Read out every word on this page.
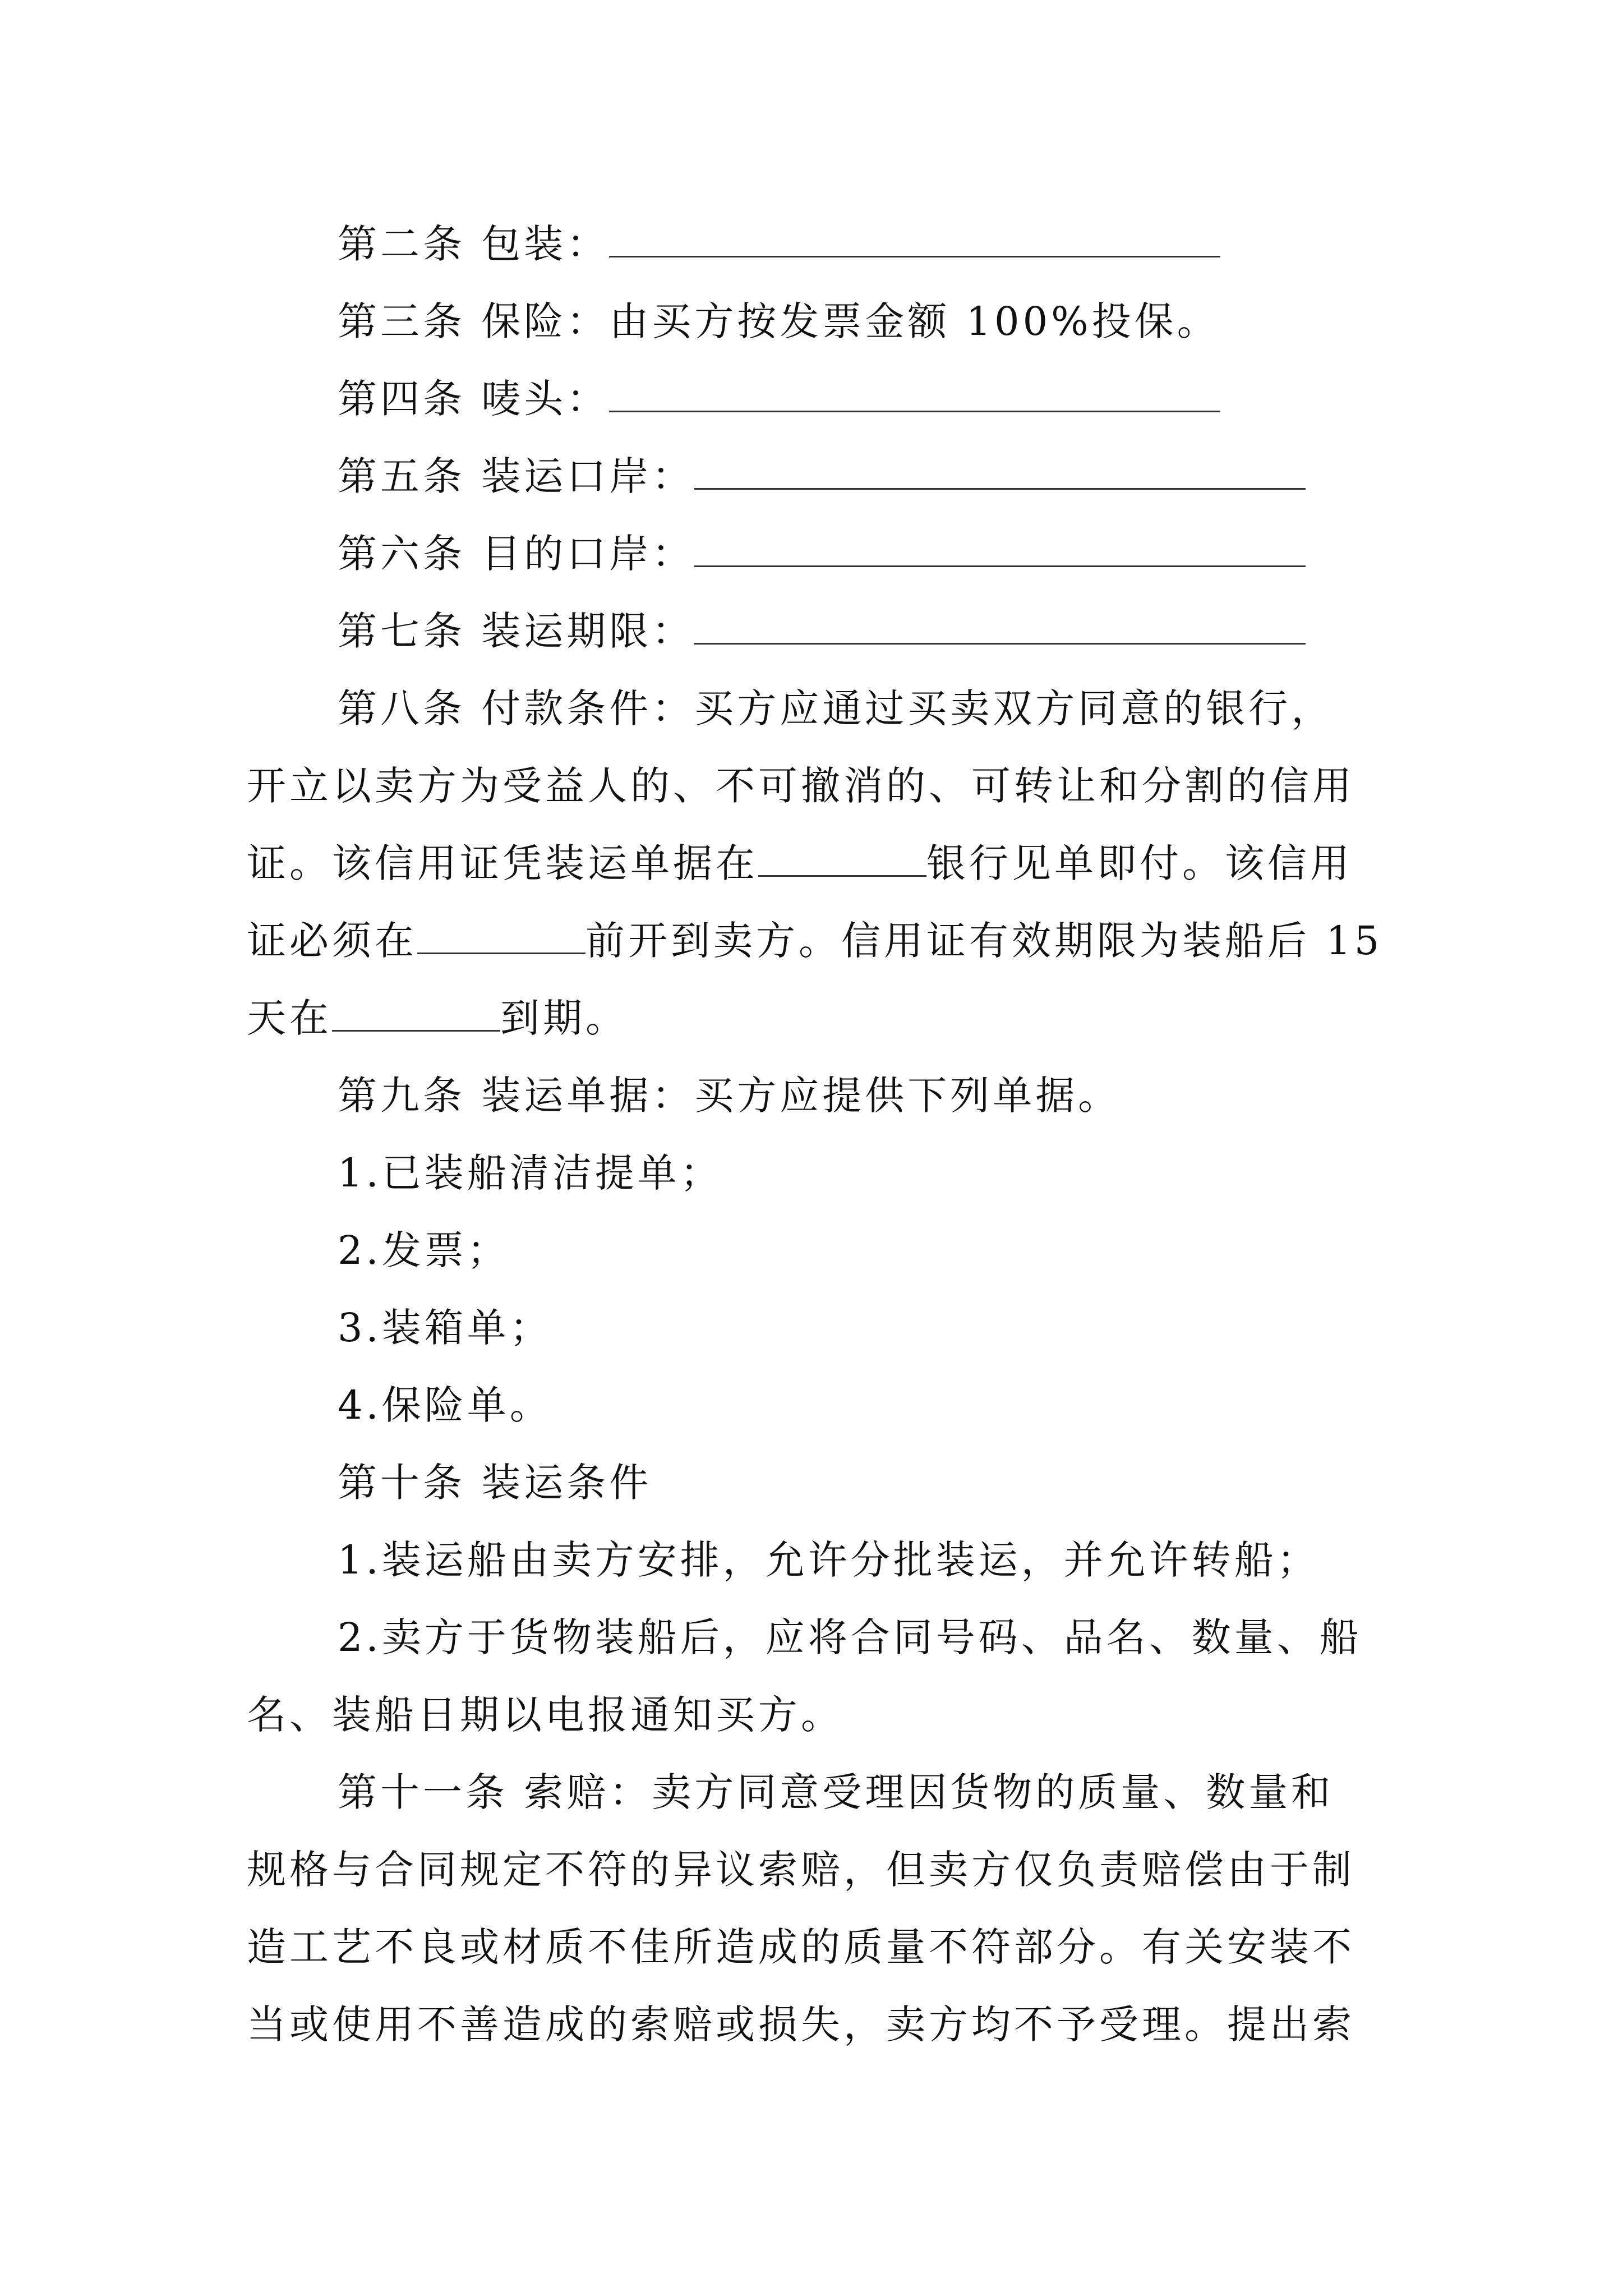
第二条 包装：
第三条 保险：由买方按发票金额 100%投保。
第四条 唛头：
第五条 装运口岸：
第六条 目的口岸：
第七条 装运期限：
第八条 付款条件：买方应通过买卖双方同意的银行，
开立以卖方为受益人的、不可撤消的、可转让和分割的信用
证。该信用证凭装运单据在	银行见单即付。该信用
证必须在	前开到卖方。信用证有效期限为装船后 15
天在	到期。
第九条 装运单据：买方应提供下列单据。
1.已装船清洁提单；
2.发票；
3.装箱单；
4.保险单。
第十条 装运条件
1.装运船由卖方安排，允许分批装运，并允许转船；
2.卖方于货物装船后，应将合同号码、品名、数量、船
名、装船日期以电报通知买方。
第十一条 索赔：卖方同意受理因货物的质量、数量和
规格与合同规定不符的异议索赔，但卖方仅负责赔偿由于制
造工艺不良或材质不佳所造成的质量不符部分。有关安装不
当或使用不善造成的索赔或损失，卖方均不予受理。提出索
